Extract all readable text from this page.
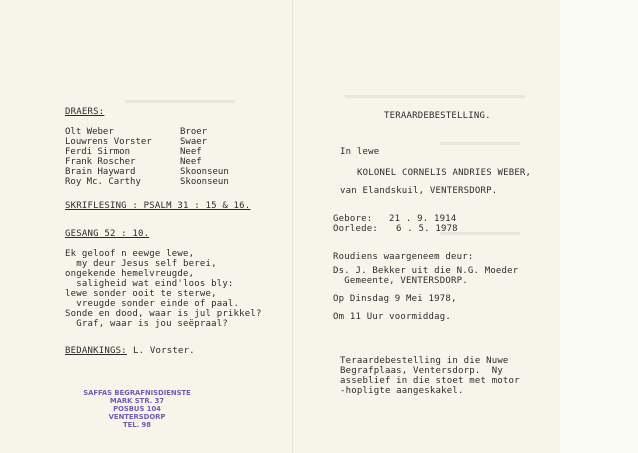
DRAERS:
Olt Weber	Broer
Louwrens Vorster	Swaer
Ferdi Sirmon	Neef
Frank Roscher	Neef
Brain Hayward	Skoonseun
Roy Mc. Carthy	Skoonseun
SKRIFLESING : PSALM 31 : 15 & 16.
GESANG 52 : 10.
Ek geloof n eewge lewe,
my deur Jesus self berei,
ongekende hemelvreugde,
saligheid wat eind'loos bly:
lewe sonder ooit te sterwe,
vreugde sonder einde of paal.
Sonde en dood, waar is jul prikkel?
Graf, waar is jou seëpraal?
BEDANKINGS: L. Vorster.
SAFFAS BEGRAFNISDIENSTE
MARK STR. 37
POSBUS 104
VENTERSDORP
TEL. 98
TERAARDEBESTELLING.
In lewe
KOLONEL CORNELIS ANDRIES WEBER,
van Elandskuil, VENTERSDORP.
Gebore: 21 . 9. 1914
Oorlede: 6 . 5. 1978
Roudiens waargeneem deur:
Ds. J. Bekker uit die N.G. Moeder
Gemeente, VENTERSDORP.
Op Dinsdag 9 Mei 1978,
Om 11 Uur voormiddag.
Teraardebestelling in die Nuwe
Begrafplaas, Ventersdorp.  Ny
asseblief in die stoet met motor
-hopligte aangeskakel.
